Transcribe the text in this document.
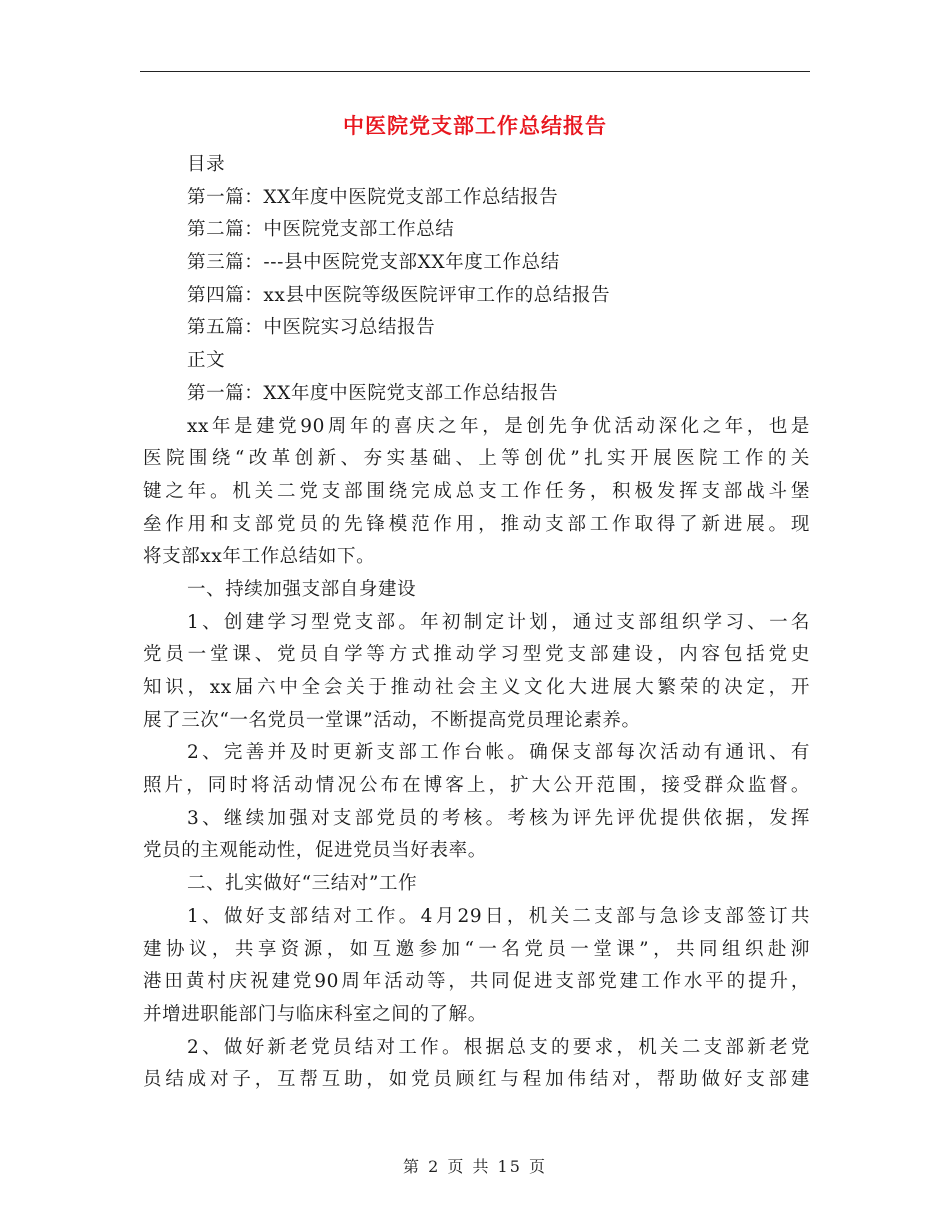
中医院党支部工作总结报告
目录
第一篇：XX年度中医院党支部工作总结报告
第二篇：中医院党支部工作总结
第三篇：---县中医院党支部XX年度工作总结
第四篇：xx县中医院等级医院评审工作的总结报告
第五篇：中医院实习总结报告
正文
第一篇：XX年度中医院党支部工作总结报告
xx年是建党90周年的喜庆之年，是创先争优活动深化之年，也是
医院围绕“改革创新、夯实基础、上等创优”扎实开展医院工作的关
键之年。机关二党支部围绕完成总支工作任务，积极发挥支部战斗堡
垒作用和支部党员的先锋模范作用，推动支部工作取得了新进展。现
将支部xx年工作总结如下。
一、持续加强支部自身建设
1、创建学习型党支部。年初制定计划，通过支部组织学习、一名
党员一堂课、党员自学等方式推动学习型党支部建设，内容包括党史
知识，xx届六中全会关于推动社会主义文化大进展大繁荣的决定，开
展了三次“一名党员一堂课”活动，不断提高党员理论素养。
2、完善并及时更新支部工作台帐。确保支部每次活动有通讯、有
照片，同时将活动情况公布在博客上，扩大公开范围，接受群众监督。
3、继续加强对支部党员的考核。考核为评先评优提供依据，发挥
党员的主观能动性，促进党员当好表率。
二、扎实做好“三结对”工作
1、做好支部结对工作。4月29日，机关二支部与急诊支部签订共
建协议，共享资源，如互邀参加“一名党员一堂课”，共同组织赴泖
港田黄村庆祝建党90周年活动等，共同促进支部党建工作水平的提升，
并增进职能部门与临床科室之间的了解。
2、做好新老党员结对工作。根据总支的要求，机关二支部新老党
员结成对子，互帮互助，如党员顾红与程加伟结对，帮助做好支部建
第 2 页 共 15 页
